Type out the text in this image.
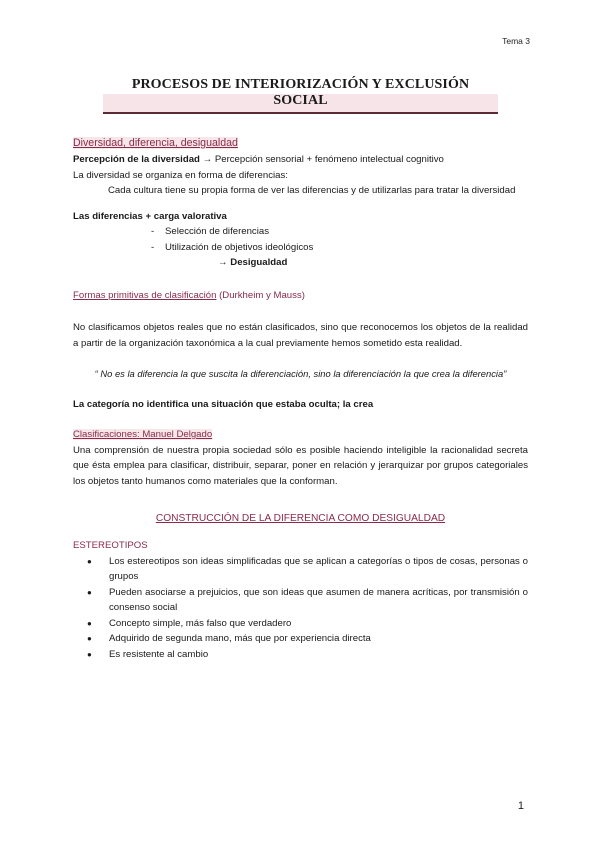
Tema 3
PROCESOS DE INTERIORIZACIÓN Y EXCLUSIÓN SOCIAL
Diversidad, diferencia, desigualdad
Percepción de la diversidad → Percepción sensorial + fenómeno intelectual cognitivo
La diversidad se organiza en forma de diferencias:
Cada cultura tiene su propia forma de ver las diferencias y de utilizarlas para tratar la diversidad
Las diferencias + carga valorativa
- Selección de diferencias
- Utilización de objetivos ideológicos
→ Desigualdad
Formas primitivas de clasificación (Durkheim y Mauss)
No clasificamos objetos reales que no están clasificados, sino que reconocemos los objetos de la realidad a partir de la organización taxonómica a la cual previamente hemos sometido esta realidad.
“ No es la diferencia la que suscita la diferenciación, sino la diferenciación la que crea la diferencia”
La categoría no identifica una situación que estaba oculta; la crea
Clasificaciones: Manuel Delgado
Una comprensión de nuestra propia sociedad sólo es posible haciendo inteligible la racionalidad secreta que ésta emplea para clasificar, distribuir, separar, poner en relación y jerarquizar por grupos categoriales los objetos tanto humanos como materiales que la conforman.
CONSTRUCCIÓN DE LA DIFERENCIA COMO DESIGUALDAD
ESTEREOTIPOS
● Los estereotipos son ideas simplificadas que se aplican a categorías o tipos de cosas, personas o grupos
● Pueden asociarse a prejuicios, que son ideas que asumen de manera acríticas, por transmisión o consenso social
● Concepto simple, más falso que verdadero
● Adquirido de segunda mano, más que por experiencia directa
● Es resistente al cambio
1
